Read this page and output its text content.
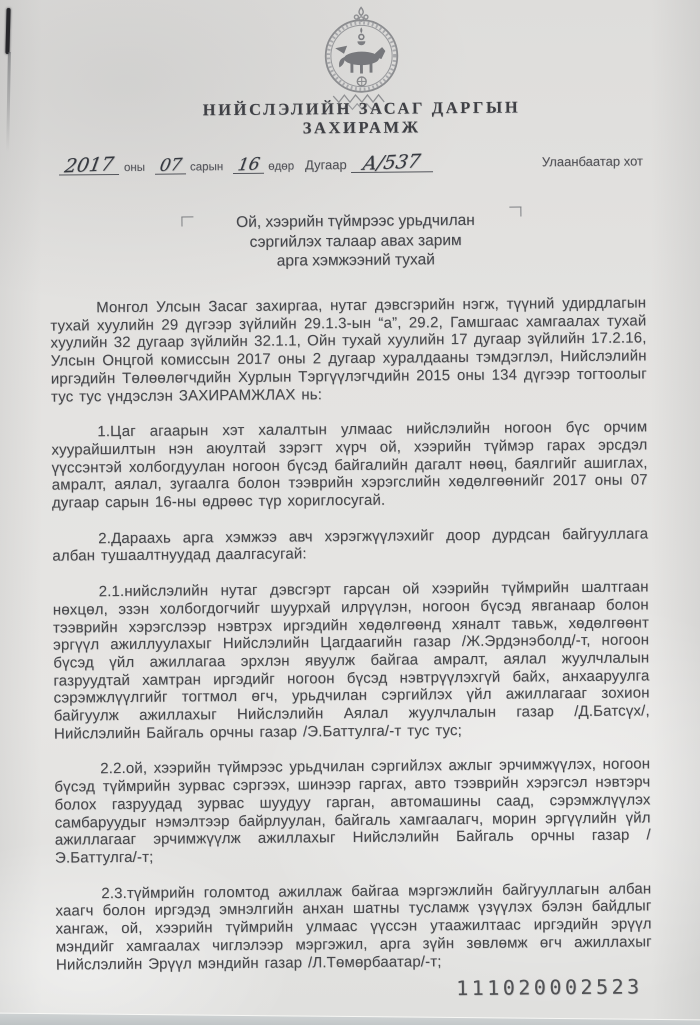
НИЙСЛЭЛИЙН ЗАСАГ ДАРГЫН
ЗАХИРАМЖ
2017 оны 07 сарын 16 өдөр Дугаар А/537	Улаанбаатар хот
Ой, хээрийн түймрээс урьдчилан
сэргийлэх талаар авах зарим
арга хэмжээний тухай

Монгол Улсын Засаг захиргаа, нутаг дэвсгэрийн нэгж, түүний удирдлагын тухай хуулийн 29 дүгээр зүйлийн 29.1.3-ын “а”, 29.2, Гамшгаас хамгаалах тухай хуулийн 32 дугаар зүйлийн 32.1.1, Ойн тухай хуулийн 17 дугаар зүйлийн 17.2.16, Улсын Онцгой комиссын 2017 оны 2 дугаар хуралдааны тэмдэглэл, Нийслэлийн иргэдийн Төлөөлөгчдийн Хурлын Тэргүүлэгчдийн 2015 оны 134 дүгээр тогтоолыг тус тус үндэслэн ЗАХИРАМЖЛАХ нь:

1.Цаг агаарын хэт халалтын улмаас нийслэлийн ногоон бүс орчим хуурайшилтын нэн аюултай зэрэгт хүрч ой, хээрийн түймэр гарах эрсдэл үүссэнтэй холбогдуулан ногоон бүсэд байгалийн дагалт нөөц, баялгийг ашиглах, амралт, аялал, зугаалга болон тээврийн хэрэгслийн хөдөлгөөнийг 2017 оны 07 дугаар сарын 16-ны өдрөөс түр хориглосугай.

2.Дараахь арга хэмжээ авч хэрэгжүүлэхийг доор дурдсан байгууллага албан тушаалтнуудад даалгасугай:

2.1.нийслэлийн нутаг дэвсгэрт гарсан ой хээрийн түймрийн шалтгаан нөхцөл, эзэн холбогдогчийг шуурхай илрүүлэн, ногоон бүсэд явганаар болон тээврийн хэрэгслээр нэвтрэх иргэдийн хөдөлгөөнд хяналт тавьж, хөдөлгөөнт эргүүл ажиллуулахыг Нийслэлийн Цагдаагийн газар /Ж.Эрдэнэболд/-т, ногоон бүсэд үйл ажиллагаа эрхлэн явуулж байгаа амралт, аялал жуулчлалын газруудтай хамтран иргэдийг ногоон бүсэд нэвтрүүлэхгүй байх, анхааруулга сэрэмжлүүлгийг тогтмол өгч, урьдчилан сэргийлэх үйл ажиллагааг зохион байгуулж ажиллахыг Нийслэлийн Аялал жуулчлалын газар /Д.Батсүх/, Нийслэлийн Байгаль орчны газар /Э.Баттулга/-т тус тус;

2.2.ой, хээрийн түймрээс урьдчилан сэргийлэх ажлыг эрчимжүүлэх, ногоон бүсэд түймрийн зурвас сэргээх, шинээр гаргах, авто тээврийн хэрэгсэл нэвтэрч болох газруудад зурвас шуудуу гарган, автомашины саад, сэрэмжлүүлэх самбаруудыг нэмэлтээр байрлуулан, байгаль хамгаалагч, морин эргүүлийн үйл ажиллагааг эрчимжүүлж ажиллахыг Нийслэлийн Байгаль орчны газар /Э.Баттулга/-т;

2.3.түймрийн голомтод ажиллаж байгаа мэргэжлийн байгууллагын албан хаагч болон иргэдэд эмнэлгийн анхан шатны тусламж үзүүлэх бэлэн байдлыг хангаж, ой, хээрийн түймрийн улмаас үүссэн утаажилтаас иргэдийн эрүүл мэндийг хамгаалах чиглэлээр мэргэжил, арга зүйн зөвлөмж өгч ажиллахыг Нийслэлийн Эрүүл мэндийн газар /Л.Төмөрбаатар/-т;

111020002523
